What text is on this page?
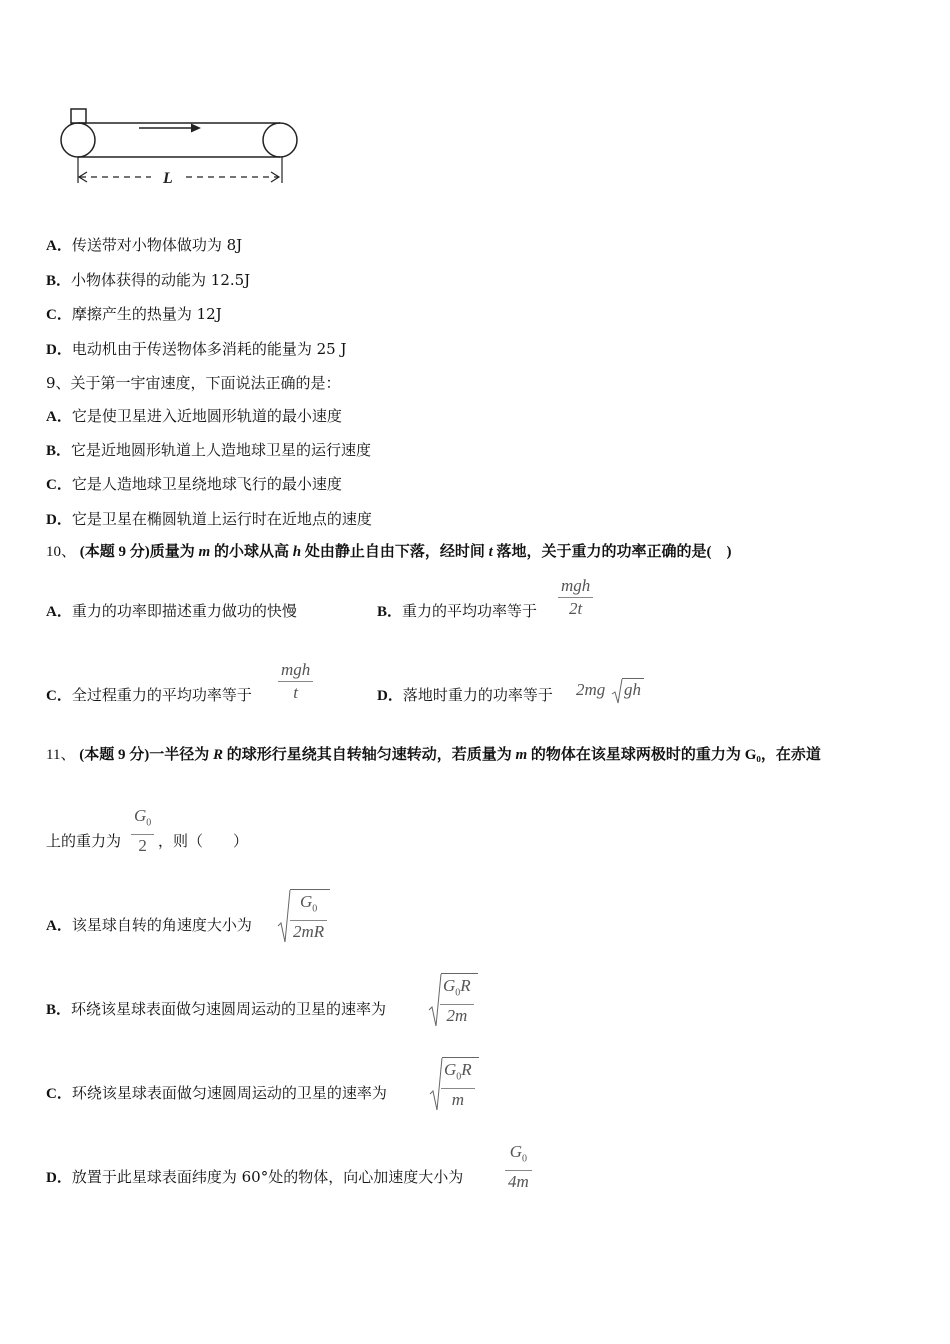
L
A．传送带对小物体做功为 8J
B．小物体获得的动能为 12.5J
C．摩擦产生的热量为 12J
D．电动机由于传送物体多消耗的能量为 25 J
9、关于第一宇宙速度，下面说法正确的是：
A．它是使卫星进入近地圆形轨道的最小速度
B．它是近地圆形轨道上人造地球卫星的运行速度
C．它是人造地球卫星绕地球飞行的最小速度
D．它是卫星在椭圆轨道上运行时在近地点的速度
10、 (本题 9 分)质量为 m 的小球从高 h 处由静止自由下落，经时间 t 落地，关于重力的功率正确的是(　)
A．重力的功率即描述重力做功的快慢	B．重力的平均功率等于
mgh
2t
C．全过程重力的平均功率等于
mgh
t	D．落地时重力的功率等于 2mg gh
11、 (本题 9 分)一半径为 R 的球形行星绕其自转轴匀速转动，若质量为 m 的物体在该星球两极时的重力为 G₀，在赤道
上的重力为 $\frac{G_0}{2}$ ，则（　　）
A．该星球自转的角速度大小为 $\frac{G_0}{2mR}$
B．环绕该星球表面做匀速圆周运动的卫星的速率为	$\frac{G_0R}{2m}$
C．环绕该星球表面做匀速圆周运动的卫星的速率为	$\frac{G_0R}{m}$
D．放置于此星球表面纬度为 60°处的物体，向心加速度大小为 $\frac{G_0}{4m}$
